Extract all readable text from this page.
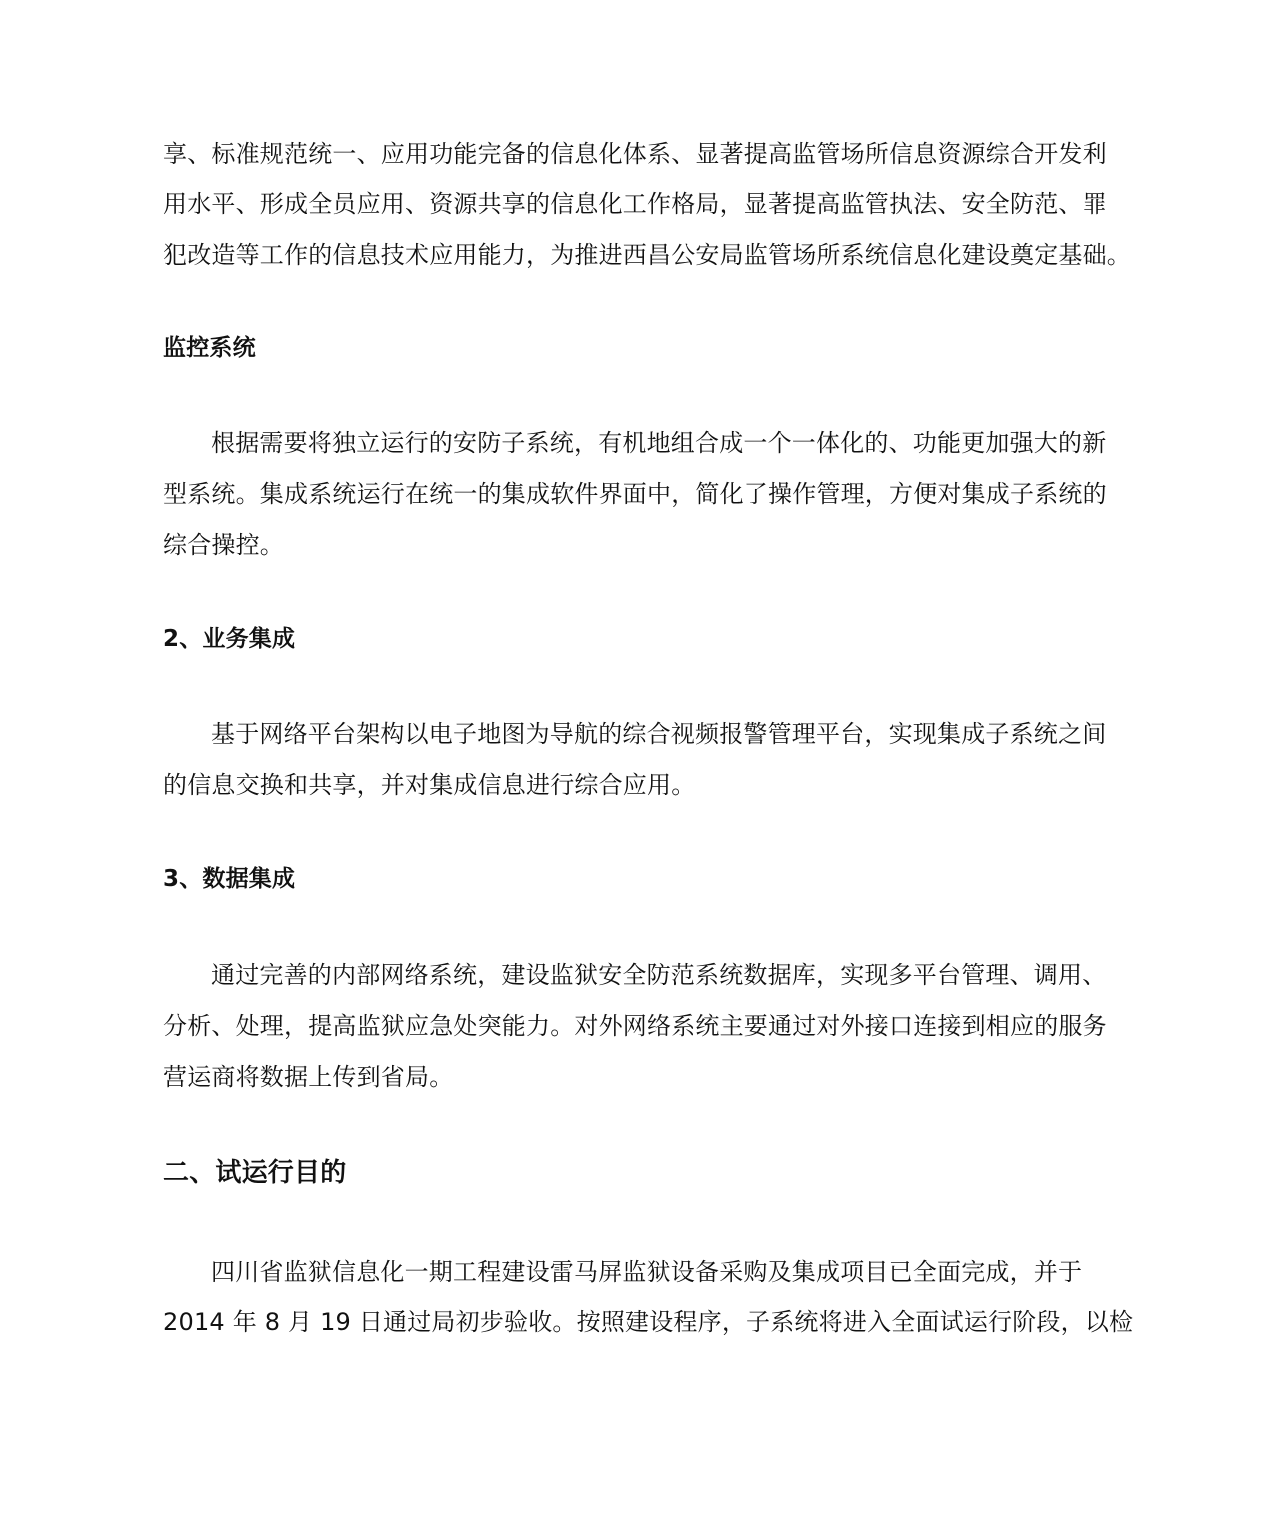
享、标准规范统一、应用功能完备的信息化体系、显著提高监管场所信息资源综合开发利
用水平、形成全员应用、资源共享的信息化工作格局，显著提高监管执法、安全防范、罪
犯改造等工作的信息技术应用能力，为推进西昌公安局监管场所系统信息化建设奠定基础。
监控系统
根据需要将独立运行的安防子系统，有机地组合成一个一体化的、功能更加强大的新
型系统。集成系统运行在统一的集成软件界面中，简化了操作管理，方便对集成子系统的
综合操控。
2、业务集成
基于网络平台架构以电子地图为导航的综合视频报警管理平台，实现集成子系统之间
的信息交换和共享，并对集成信息进行综合应用。
3、数据集成
通过完善的内部网络系统，建设监狱安全防范系统数据库，实现多平台管理、调用、
分析、处理，提高监狱应急处突能力。对外网络系统主要通过对外接口连接到相应的服务
营运商将数据上传到省局。
二、试运行目的
四川省监狱信息化一期工程建设雷马屏监狱设备采购及集成项目已全面完成，并于
2014 年 8 月 19 日通过局初步验收。按照建设程序，子系统将进入全面试运行阶段，以检
